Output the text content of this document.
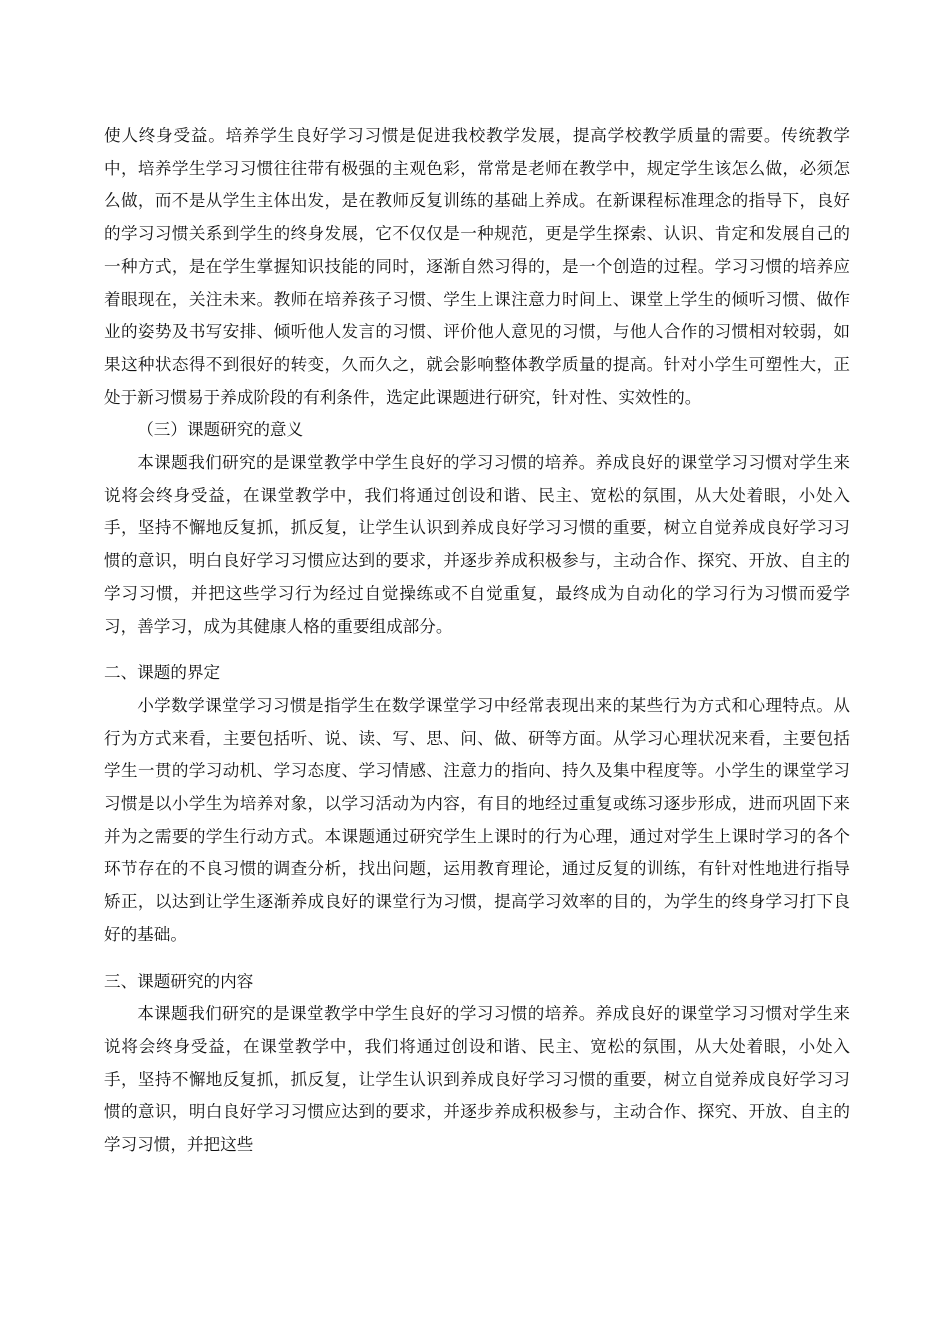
使人终身受益。培养学生良好学习习惯是促进我校教学发展，提高学校教学质量的需要。传统教学中，培养学生学习习惯往往带有极强的主观色彩，常常是老师在教学中，规定学生该怎么做，必须怎么做，而不是从学生主体出发，是在教师反复训练的基础上养成。在新课程标准理念的指导下，良好的学习习惯关系到学生的终身发展，它不仅仅是一种规范，更是学生探索、认识、肯定和发展自己的一种方式，是在学生掌握知识技能的同时，逐渐自然习得的，是一个创造的过程。学习习惯的培养应着眼现在，关注未来。教师在培养孩子习惯、学生上课注意力时间上、课堂上学生的倾听习惯、做作业的姿势及书写安排、倾听他人发言的习惯、评价他人意见的习惯，与他人合作的习惯相对较弱，如果这种状态得不到很好的转变，久而久之，就会影响整体教学质量的提高。针对小学生可塑性大，正处于新习惯易于养成阶段的有利条件，选定此课题进行研究，针对性、实效性的。

（三）课题研究的意义

本课题我们研究的是课堂教学中学生良好的学习习惯的培养。养成良好的课堂学习习惯对学生来说将会终身受益，在课堂教学中，我们将通过创设和谐、民主、宽松的氛围，从大处着眼，小处入手，坚持不懈地反复抓，抓反复，让学生认识到养成良好学习习惯的重要，树立自觉养成良好学习习惯的意识，明白良好学习习惯应达到的要求，并逐步养成积极参与，主动合作、探究、开放、自主的学习习惯，并把这些学习行为经过自觉操练或不自觉重复，最终成为自动化的学习行为习惯而爱学习，善学习，成为其健康人格的重要组成部分。

二、课题的界定

小学数学课堂学习习惯是指学生在数学课堂学习中经常表现出来的某些行为方式和心理特点。从行为方式来看，主要包括听、说、读、写、思、问、做、研等方面。从学习心理状况来看，主要包括学生一贯的学习动机、学习态度、学习情感、注意力的指向、持久及集中程度等。小学生的课堂学习习惯是以小学生为培养对象，以学习活动为内容，有目的地经过重复或练习逐步形成，进而巩固下来并为之需要的学生行动方式。本课题通过研究学生上课时的行为心理，通过对学生上课时学习的各个环节存在的不良习惯的调查分析，找出问题，运用教育理论，通过反复的训练，有针对性地进行指导矫正，以达到让学生逐渐养成良好的课堂行为习惯，提高学习效率的目的，为学生的终身学习打下良好的基础。

三、课题研究的内容

本课题我们研究的是课堂教学中学生良好的学习习惯的培养。养成良好的课堂学习习惯对学生来说将会终身受益，在课堂教学中，我们将通过创设和谐、民主、宽松的氛围，从大处着眼，小处入手，坚持不懈地反复抓，抓反复，让学生认识到养成良好学习习惯的重要，树立自觉养成良好学习习惯的意识，明白良好学习习惯应达到的要求，并逐步养成积极参与，主动合作、探究、开放、自主的学习习惯，并把这些
